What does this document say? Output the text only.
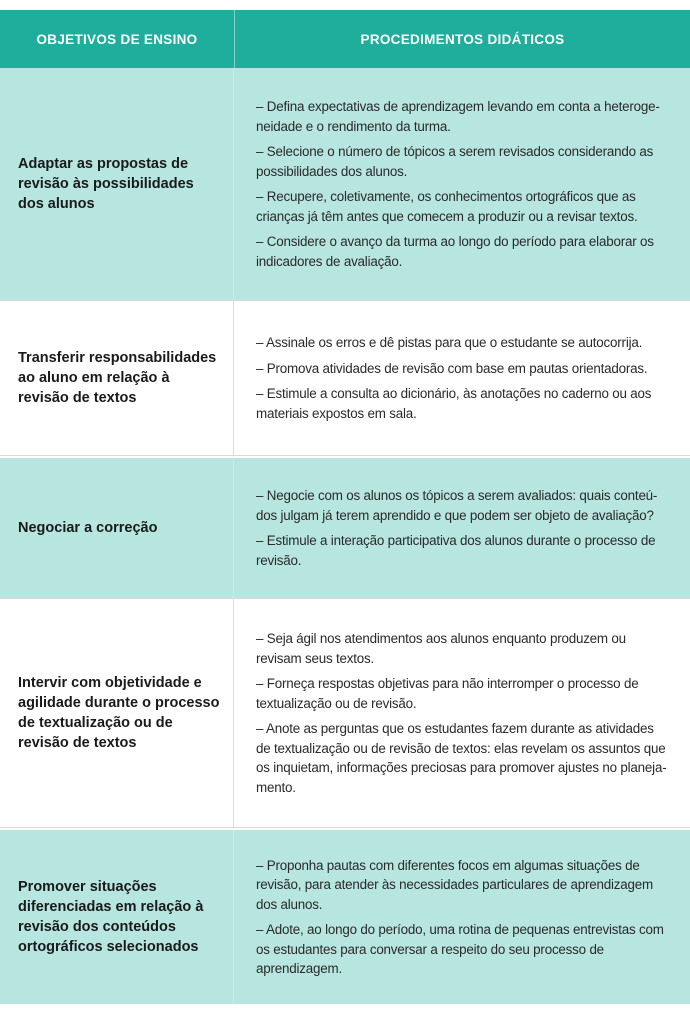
OBJETIVOS DE ENSINO	PROCEDIMENTOS DIDÁTICOS
Adaptar as propostas de revisão às possibilidades dos alunos

– Defina expectativas de aprendizagem levando em conta a heteroge-neidade e o rendimento da turma.

– Selecione o número de tópicos a serem revisados considerando as possibilidades dos alunos.

– Recupere, coletivamente, os conhecimentos ortográficos que as crianças já têm antes que comecem a produzir ou a revisar textos.

– Considere o avanço da turma ao longo do período para elaborar os indicadores de avaliação.

Transferir responsabilidades ao aluno em relação à revisão de textos

– Assinale os erros e dê pistas para que o estudante se autocorrija.

– Promova atividades de revisão com base em pautas orientadoras.

– Estimule a consulta ao dicionário, às anotações no caderno ou aos materiais expostos em sala.

Negociar a correção

– Negocie com os alunos os tópicos a serem avaliados: quais conteú-dos julgam já terem aprendido e que podem ser objeto de avaliação?

– Estimule a interação participativa dos alunos durante o processo de revisão.

Intervir com objetividade e agilidade durante o processo de textualização ou de revisão de textos

– Seja ágil nos atendimentos aos alunos enquanto produzem ou revisam seus textos.

– Forneça respostas objetivas para não interromper o processo de textualização ou de revisão.

– Anote as perguntas que os estudantes fazem durante as atividades de textualização ou de revisão de textos: elas revelam os assuntos que os inquietam, informações preciosas para promover ajustes no planeja-mento.

Promover situações diferenciadas em relação à revisão dos conteúdos ortográficos selecionados

– Proponha pautas com diferentes focos em algumas situações de revisão, para atender às necessidades particulares de aprendizagem dos alunos.

– Adote, ao longo do período, uma rotina de pequenas entrevistas com os estudantes para conversar a respeito do seu processo de aprendizagem.
